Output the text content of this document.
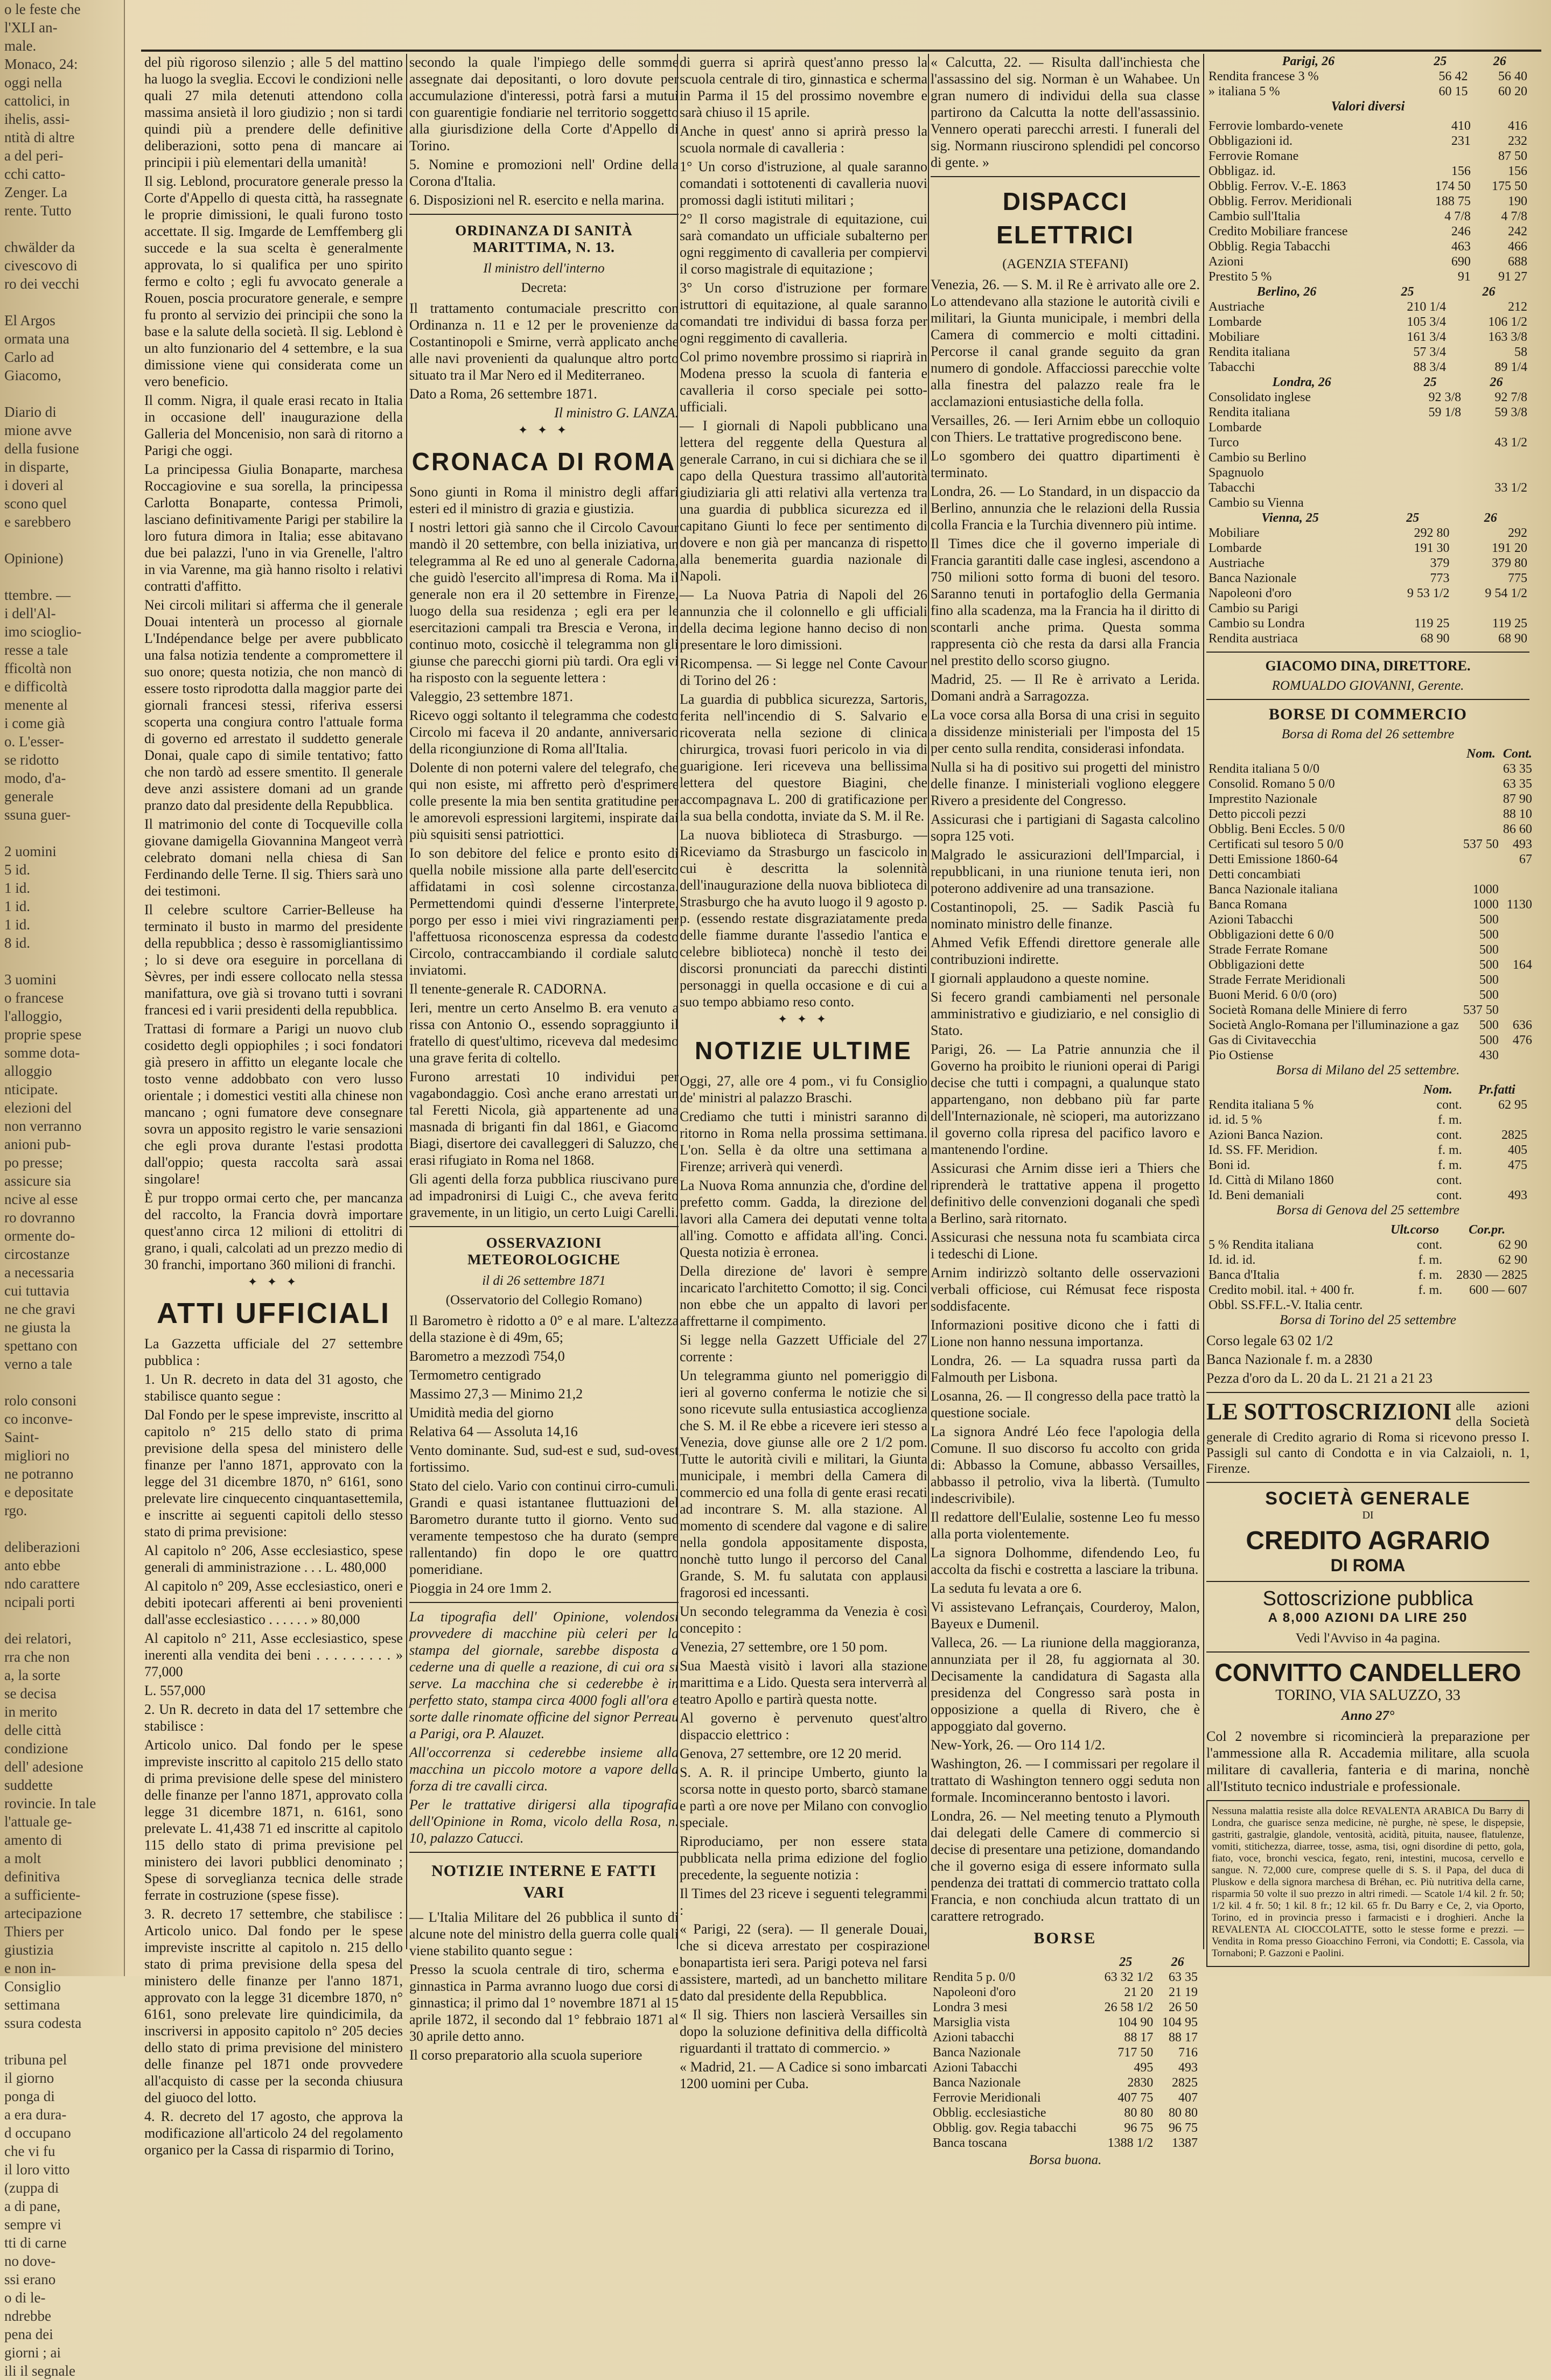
o le feste che

l'XLI an-

male.

Monaco, 24:

oggi nella

cattolici, in

ihelis, assi-

ntità di altre

a del peri-

cchi catto-

Zenger. La

rente. Tutto

chwälder da

civescovo di

ro dei vecchi

El Argos

ormata una

Carlo ad

Giacomo,

Diario di

mione avve

della fusione

in disparte,

i doveri al

scono quel

e sarebbero

Opinione)

ttembre. —

i dell'Al-

imo scioglio-

resse a tale

fficoltà non

e difficoltà

menente al

i come già

o. L'esser-

se ridotto

modo, d'a-

generale

ssuna guer-

2 uomini

5 id.

1 id.

1 id.

1 id.

8 id.

3 uomini

o francese

l'alloggio,

proprie spese

somme dota-

alloggio

nticipate.

elezioni del

non verranno

anioni pub-

po presse;

assicure sia

ncive al esse

ro dovranno

ormente do-

circostanze

a necessaria

cui tuttavia

ne che gravi

ne giusta la

spettano con

verno a tale

rolo consoni

co inconve-

Saint-

migliori no

ne potranno

e depositate

rgo.

deliberazioni

anto ebbe

ndo carattere

ncipali porti

dei relatori,

rra che non

a, la sorte

se decisa

in merito

delle città

condizione

dell' adesione

suddette

rovincie. In tale

l'attuale ge-

amento di

a molt

definitiva

a sufficiente-

artecipazione

Thiers per

giustizia

e non in-

Consiglio

settimana

ssura codesta

tribuna pel

il giorno

ponga di

a era dura-

d occupano

che vi fu

il loro vitto

(zuppa di

a di pane,

sempre vi

tti di carne

no dove-

ssi erano

o di le-

ndrebbe

pena dei

giorni ; ai

ili il segnale

del più rigoroso silenzio ; alle 5 del mattino ha luogo la sveglia. Eccovi le condizioni nelle quali 27 mila detenuti attendono colla massima ansietà il loro giudizio ; non si tardi quindi più a prendere delle definitive deliberazioni, sotto pena di mancare ai principii i più elementari della umanità!

Il sig. Leblond, procuratore generale presso la Corte d'Appello di questa città, ha rassegnate le proprie dimissioni, le quali furono tosto accettate. Il sig. Imgarde de Lemffemberg gli succede e la sua scelta è generalmente approvata, lo si qualifica per uno spirito fermo e colto ; egli fu avvocato generale a Rouen, poscia procuratore generale, e sempre fu pronto al servizio dei principii che sono la base e la salute della società. Il sig. Leblond è un alto funzionario del 4 settembre, e la sua dimissione viene qui considerata come un vero beneficio.

Il comm. Nigra, il quale erasi recato in Italia in occasione dell' inaugurazione della Galleria del Moncenisio, non sarà di ritorno a Parigi che oggi.

La principessa Giulia Bonaparte, marchesa Roccagiovine e sua sorella, la principessa Carlotta Bonaparte, contessa Primoli, lasciano definitivamente Parigi per stabilire la loro futura dimora in Italia; esse abitavano due bei palazzi, l'uno in via Grenelle, l'altro in via Varenne, ma già hanno risolto i relativi contratti d'affitto.

Nei circoli militari si afferma che il generale Douai intenterà un processo al giornale L'Indépendance belge per avere pubblicato una falsa notizia tendente a compromettere il suo onore; questa notizia, che non mancò di essere tosto riprodotta dalla maggior parte dei giornali francesi stessi, riferiva essersi scoperta una congiura contro l'attuale forma di governo ed arrestato il suddetto generale Donai, quale capo di simile tentativo; fatto che non tardò ad essere smentito. Il generale deve anzi assistere domani ad un grande pranzo dato dal presidente della Repubblica.

Il matrimonio del conte di Tocqueville colla giovane damigella Giovannina Mangeot verrà celebrato domani nella chiesa di San Ferdinando delle Terne. Il sig. Thiers sarà uno dei testimoni.

Il celebre scultore Carrier-Belleuse ha terminato il busto in marmo del presidente della repubblica ; desso è rassomigliantissimo ; lo si deve ora eseguire in porcellana di Sèvres, per indi essere collocato nella stessa manifattura, ove già si trovano tutti i sovrani francesi ed i varii presidenti della repubblica.

Trattasi di formare a Parigi un nuovo club cosidetto degli oppiophiles ; i soci fondatori già presero in affitto un elegante locale che tosto venne addobbato con vero lusso orientale ; i domestici vestiti alla chinese non mancano ; ogni fumatore deve consegnare sovra un apposito registro le varie sensazioni che egli prova durante l'estasi prodotta dall'oppio; questa raccolta sarà assai singolare!

È pur troppo ormai certo che, per mancanza del raccolto, la Francia dovrà importare quest'anno circa 12 milioni di ettolitri di grano, i quali, calcolati ad un prezzo medio di 30 franchi, importano 360 milioni di franchi.

✦ ✦ ✦
ATTI UFFICIALI

La Gazzetta ufficiale del 27 settembre pubblica :

1. Un R. decreto in data del 31 agosto, che stabilisce quanto segue :

Dal Fondo per le spese impreviste, inscritto al capitolo n° 215 dello stato di prima previsione della spesa del ministero delle finanze per l'anno 1871, approvato con la legge del 31 dicembre 1870, n° 6161, sono prelevate lire cinquecento cinquantasettemila, e inscritte ai seguenti capitoli dello stesso stato di prima previsione:

Al capitolo n° 206, Asse ecclesiastico, spese generali di amministrazione . . . L. 480,000

Al capitolo n° 209, Asse ecclesiastico, oneri e debiti ipotecari afferenti ai beni provenienti dall'asse ecclesiastico . . . . . . » 80,000

Al capitolo n° 211, Asse ecclesiastico, spese inerenti alla vendita dei beni . . . . . . . . . » 77,000

L. 557,000

2. Un R. decreto in data del 17 settembre che stabilisce :

Articolo unico. Dal fondo per le spese impreviste inscritto al capitolo 215 dello stato di prima previsione delle spese del ministero delle finanze per l'anno 1871, approvato colla legge 31 dicembre 1871, n. 6161, sono prelevate L. 41,438 71 ed inscritte al capitolo 115 dello stato di prima previsione pel ministero dei lavori pubblici denominato ; Spese di sorveglianza tecnica delle strade ferrate in costruzione (spese fisse).

3. R. decreto 17 settembre, che stabilisce : Articolo unico. Dal fondo per le spese impreviste inscritte al capitolo n. 215 dello stato di prima previsione della spesa del ministero delle finanze per l'anno 1871, approvato con la legge 31 dicembre 1870, n° 6161, sono prelevate lire quindicimila, da inscriversi in apposito capitolo n° 205 decies dello stato di prima previsione del ministero delle finanze pel 1871 onde provvedere all'acquisto di casse per la seconda chiusura del giuoco del lotto.

4. R. decreto del 17 agosto, che approva la modificazione all'articolo 24 del regolamento organico per la Cassa di risparmio di Torino,

secondo la quale l'impiego delle somme assegnate dai depositanti, o loro dovute per accumulazione d'interessi, potrà farsi a mutui con guarentigie fondiarie nel territorio soggetto alla giurisdizione della Corte d'Appello di Torino.

5. Nomine e promozioni nell' Ordine della Corona d'Italia.

6. Disposizioni nel R. esercito e nella marina.

ORDINANZA DI SANITÀ MARITTIMA, N. 13.
Il ministro dell'interno
Decreta:

Il trattamento contumaciale prescritto con Ordinanza n. 11 e 12 per le provenienze da Costantinopoli e Smirne, verrà applicato anche alle navi provenienti da qualunque altro porto situato tra il Mar Nero ed il Mediterraneo.

Dato a Roma, 26 settembre 1871.

Il ministro G. LANZA.

✦ ✦ ✦
CRONACA DI ROMA

Sono giunti in Roma il ministro degli affari esteri ed il ministro di grazia e giustizia.

I nostri lettori già sanno che il Circolo Cavour mandò il 20 settembre, con bella iniziativa, un telegramma al Re ed uno al generale Cadorna, che guidò l'esercito all'impresa di Roma. Ma il generale non era il 20 settembre in Firenze, luogo della sua residenza ; egli era per le esercitazioni campali tra Brescia e Verona, in continuo moto, cosicchè il telegramma non gli giunse che parecchi giorni più tardi. Ora egli vi ha risposto con la seguente lettera :

Valeggio, 23 settembre 1871.

Ricevo oggi soltanto il telegramma che codesto Circolo mi faceva il 20 andante, anniversario della ricongiunzione di Roma all'Italia.

Dolente di non poterni valere del telegrafo, che qui non esiste, mi affretto però d'esprimere colle presente la mia ben sentita gratitudine per le amorevoli espressioni largitemi, inspirate dai più squisiti sensi patriottici.

Io son debitore del felice e pronto esito di quella nobile missione alla parte dell'esercito affidatami in così solenne circostanza. Permettendomi quindi d'esserne l'interprete, porgo per esso i miei vivi ringraziamenti per l'affettuosa riconoscenza espressa da codesto Circolo, contraccambiando il cordiale saluto inviatomi.

Il tenente-generale R. CADORNA.

Ieri, mentre un certo Anselmo B. era venuto a rissa con Antonio O., essendo sopraggiunto il fratello di quest'ultimo, riceveva dal medesimo una grave ferita di coltello.

Furono arrestati 10 individui per vagabondaggio. Così anche erano arrestati un tal Feretti Nicola, già appartenente ad una masnada di briganti fin dal 1861, e Giacomo Biagi, disertore dei cavalleggeri di Saluzzo, che erasi rifugiato in Roma nel 1868.

Gli agenti della forza pubblica riuscivano pure ad impadronirsi di Luigi C., che aveva ferito gravemente, in un litigio, un certo Luigi Carelli.

OSSERVAZIONI METEOROLOGICHE
il di 26 settembre 1871
(Osservatorio del Collegio Romano)

Il Barometro è ridotto a 0° e al mare. L'altezza della stazione è di 49m, 65;

Barometro a mezzodì 754,0

Termometro centigrado

Massimo 27,3 — Minimo 21,2

Umidità media del giorno

Relativa 64 — Assoluta 14,16

Vento dominante. Sud, sud-est e sud, sud-ovest fortissimo.

Stato del cielo. Vario con continui cirro-cumuli. Grandi e quasi istantanee fluttuazioni del Barometro durante tutto il giorno. Vento sud veramente tempestoso che ha durato (sempre rallentando) fin dopo le ore quattro pomeridiane.

Pioggia in 24 ore 1mm 2.

La tipografia dell' Opinione, volendosi provvedere di macchine più celeri per la stampa del giornale, sarebbe disposta a cederne una di quelle a reazione, di cui ora si serve. La macchina che si cederebbe è in perfetto stato, stampa circa 4000 fogli all'ora e sorte dalle rinomate officine del signor Perreau a Parigi, ora P. Alauzet.

All'occorrenza si cederebbe insieme alla macchina un piccolo motore a vapore della forza di tre cavalli circa.

Per le trattative dirigersi alla tipografia dell'Opinione in Roma, vicolo della Rosa, n. 10, palazzo Catucci.

NOTIZIE INTERNE E FATTI VARI

— L'Italia Militare del 26 pubblica il sunto di alcune note del ministro della guerra colle quali viene stabilito quanto segue :

Presso la scuola centrale di tiro, scherma e ginnastica in Parma avranno luogo due corsi di ginnastica; il primo dal 1° novembre 1871 al 15 aprile 1872, il secondo dal 1° febbraio 1871 al 30 aprile detto anno.

Il corso preparatorio alla scuola superiore

di guerra si aprirà quest'anno presso la scuola centrale di tiro, ginnastica e scherma in Parma il 15 del prossimo novembre e sarà chiuso il 15 aprile.

Anche in quest' anno si aprirà presso la scuola normale di cavalleria :

1° Un corso d'istruzione, al quale saranno comandati i sottotenenti di cavalleria nuovi promossi dagli istituti militari ;

2° Il corso magistrale di equitazione, cui sarà comandato un ufficiale subalterno per ogni reggimento di cavalleria per compiervi il corso magistrale di equitazione ;

3° Un corso d'istruzione per formare istruttori di equitazione, al quale saranno comandati tre individui di bassa forza per ogni reggimento di cavalleria.

Col primo novembre prossimo si riaprirà in Modena presso la scuola di fanteria e cavalleria il corso speciale pei sotto-ufficiali.

— I giornali di Napoli pubblicano una lettera del reggente della Questura al generale Carrano, in cui si dichiara che se il capo della Questura trassimo all'autorità giudiziaria gli atti relativi alla vertenza tra una guardia di pubblica sicurezza ed il capitano Giunti lo fece per sentimento di dovere e non già per mancanza di rispetto alla benemerita guardia nazionale di Napoli.

— La Nuova Patria di Napoli del 26 annunzia che il colonnello e gli ufficiali della decima legione hanno deciso di non presentare le loro dimissioni.

Ricompensa. — Si legge nel Conte Cavour di Torino del 26 :

La guardia di pubblica sicurezza, Sartoris, ferita nell'incendio di S. Salvario e ricoverata nella sezione di clinica chirurgica, trovasi fuori pericolo in via di guarigione. Ieri riceveva una bellissima lettera del questore Biagini, che accompagnava L. 200 di gratificazione per la sua bella condotta, inviate da S. M. il Re.

La nuova biblioteca di Strasburgo. — Riceviamo da Strasburgo un fascicolo in cui è descritta la solennità dell'inaugurazione della nuova biblioteca di Strasburgo che ha avuto luogo il 9 agosto p. p. (essendo restate disgraziatamente preda delle fiamme durante l'assedio l'antica e celebre biblioteca) nonchè il testo dei discorsi pronunciati da parecchi distinti personaggi in quella occasione e di cui a suo tempo abbiamo reso conto.

✦ ✦ ✦
NOTIZIE ULTIME

Oggi, 27, alle ore 4 pom., vi fu Consiglio de' ministri al palazzo Braschi.

Crediamo che tutti i ministri saranno di ritorno in Roma nella prossima settimana. L'on. Sella è da oltre una settimana a Firenze; arriverà qui venerdì.

La Nuova Roma annunzia che, d'ordine del prefetto comm. Gadda, la direzione del lavori alla Camera dei deputati venne tolta all'ing. Comotto e affidata all'ing. Conci. Questa notizia è erronea.

Della direzione de' lavori è sempre incaricato l'architetto Comotto; il sig. Conci non ebbe che un appalto di lavori per affrettarne il compimento.

Si legge nella Gazzett Ufficiale del 27 corrente :

Un telegramma giunto nel pomeriggio di ieri al governo conferma le notizie che si sono ricevute sulla entusiastica accoglienza che S. M. il Re ebbe a ricevere ieri stesso a Venezia, dove giunse alle ore 2 1/2 pom. Tutte le autorità civili e militari, la Giunta municipale, i membri della Camera di commercio ed una folla di gente erasi recati ad incontrare S. M. alla stazione. Al momento di scendere dal vagone e di salire nella gondola appositamente disposta, nonchè tutto lungo il percorso del Canal Grande, S. M. fu salutata con applausi fragorosi ed incessanti.

Un secondo telegramma da Venezia è così concepito :

Venezia, 27 settembre, ore 1 50 pom.

Sua Maestà visitò i lavori alla stazione marittima e a Lido. Questa sera interverrà al teatro Apollo e partirà questa notte.

Al governo è pervenuto quest'altro dispaccio elettrico :

Genova, 27 settembre, ore 12 20 merid.

S. A. R. il principe Umberto, giunto la scorsa notte in questo porto, sbarcò stamane e partì a ore nove per Milano con convoglio speciale.

Riproduciamo, per non essere stata pubblicata nella prima edizione del foglio precedente, la seguente notizia :

Il Times del 23 riceve i seguenti telegrammi :

« Parigi, 22 (sera). — Il generale Douai, che si diceva arrestato per cospirazione bonapartista ieri sera. Parigi poteva nel farsi assistere, martedì, ad un banchetto militare dato dal presidente della Repubblica.

« Il sig. Thiers non lascierà Versailles sin dopo la soluzione definitiva della difficoltà riguardanti il trattato di commercio. »

« Madrid, 21. — A Cadice si sono imbarcati 1200 uomini per Cuba.

« Calcutta, 22. — Risulta dall'inchiesta che l'assassino del sig. Norman è un Wahabee. Un gran numero di individui della sua classe partirono da Calcutta la notte dell'assassinio. Vennero operati parecchi arresti. I funerali del sig. Normann riuscirono splendidi pel concorso di gente. »

DISPACCI ELETTRICI
(AGENZIA STEFANI)

Venezia, 26. — S. M. il Re è arrivato alle ore 2. Lo attendevano alla stazione le autorità civili e militari, la Giunta municipale, i membri della Camera di commercio e molti cittadini. Percorse il canal grande seguito da gran numero di gondole. Affacciossi parecchie volte alla finestra del palazzo reale fra le acclamazioni entusiastiche della folla.

Versailles, 26. — Ieri Arnim ebbe un colloquio con Thiers. Le trattative progrediscono bene.

Lo sgombero dei quattro dipartimenti è terminato.

Londra, 26. — Lo Standard, in un dispaccio da Berlino, annunzia che le relazioni della Russia colla Francia e la Turchia divennero più intime.

Il Times dice che il governo imperiale di Francia garantiti dalle case inglesi, ascendono a 750 milioni sotto forma di buoni del tesoro. Saranno tenuti in portafoglio della Germania fino alla scadenza, ma la Francia ha il diritto di scontarli anche prima. Questa somma rappresenta ciò che resta da darsi alla Francia nel prestito dello scorso giugno.

Madrid, 25. — Il Re è arrivato a Lerida. Domani andrà a Sarragozza.

La voce corsa alla Borsa di una crisi in seguito a dissidenze ministeriali per l'imposta del 15 per cento sulla rendita, considerasi infondata.

Nulla si ha di positivo sui progetti del ministro delle finanze. I ministeriali vogliono eleggere Rivero a presidente del Congresso.

Assicurasi che i partigiani di Sagasta calcolino sopra 125 voti.

Malgrado le assicurazioni dell'Imparcial, i repubblicani, in una riunione tenuta ieri, non poterono addivenire ad una transazione.

Costantinopoli, 25. — Sadik Pascià fu nominato ministro delle finanze.

Ahmed Vefik Effendi direttore generale alle contribuzioni indirette.

I giornali applaudono a queste nomine.

Si fecero grandi cambiamenti nel personale amministrativo e giudiziario, e nel consiglio di Stato.

Parigi, 26. — La Patrie annunzia che il Governo ha proibito le riunioni operai di Parigi decise che tutti i compagni, a qualunque stato appartengano, non debbano più far parte dell'Internazionale, nè scioperi, ma autorizzano il governo colla ripresa del pacifico lavoro e mantenendo l'ordine.

Assicurasi che Arnim disse ieri a Thiers che riprenderà le trattative appena il progetto definitivo delle convenzioni doganali che spedì a Berlino, sarà ritornato.

Assicurasi che nessuna nota fu scambiata circa i tedeschi di Lione.

Arnim indirizzò soltanto delle osservazioni verbali officiose, cui Rémusat fece risposta soddisfacente.

Informazioni positive dicono che i fatti di Lione non hanno nessuna importanza.

Londra, 26. — La squadra russa partì da Falmouth per Lisbona.

Losanna, 26. — Il congresso della pace trattò la questione sociale.

La signora André Léo fece l'apologia della Comune. Il suo discorso fu accolto con grida di: Abbasso la Comune, abbasso Versailles, abbasso il petrolio, viva la libertà. (Tumulto indescrivibile).

Il redattore dell'Eulalie, sostenne Leo fu messo alla porta violentemente.

La signora Dolhomme, difendendo Leo, fu accolta da fischi e costretta a lasciare la tribuna.

La seduta fu levata a ore 6.

Vi assistevano Lefrançais, Courderoy, Malon, Bayeux e Dumenil.

Valleca, 26. — La riunione della maggioranza, annunziata per il 28, fu aggiornata al 30. Decisamente la candidatura di Sagasta alla presidenza del Congresso sarà posta in opposizione a quella di Rivero, che è appoggiato dal governo.

New-York, 26. — Oro 114 1/2.

Washington, 26. — I commissari per regolare il trattato di Washington tennero oggi seduta non formale. Incominceranno bentosto i lavori.

Londra, 26. — Nel meeting tenuto a Plymouth dai delegati delle Camere di commercio si decise di presentare una petizione, domandando che il governo esiga di essere informato sulla pendenza dei trattati di commercio trattato colla Francia, e non conchiuda alcun trattato di un carattere retrogrado.

BORSE
	25	26
Rendita 5 p. 0/0	63 32 1/2	63 35
Napoleoni d'oro	21 20	21 19
Londra 3 mesi	26 58 1/2	26 50
Marsiglia vista	104 90	104 95
Azioni tabacchi	88 17	88 17
Banca Nazionale	717 50	716
Azioni Tabacchi	495	493
Banca Nazionale	2830	2825
Ferrovie Meridionali	407 75	407
Obblig. ecclesiastiche	80 80	80 80
Obblig. gov. Regia tabacchi	96 75	96 75
Banca toscana	1388 1/2	1387
Borsa buona.
Parigi, 26	25	26
Rendita francese 3 %	56 42	56 40
» italiana 5 %	60 15	60 20
Valori diversi
Ferrovie lombardo-venete	410	416
Obbligazioni id.	231	232
Ferrovie Romane		87 50
Obbligaz. id.	156	156
Obblig. Ferrov. V.-E. 1863	174 50	175 50
Obblig. Ferrov. Meridionali	188 75	190
Cambio sull'Italia	4 7/8	4 7/8
Credito Mobiliare francese	246	242
Obblig. Regia Tabacchi	463	466
Azioni	690	688
Prestito 5 %	91	91 27
Berlino, 26	25	26
Austriache	210 1/4	212
Lombarde	105 3/4	106 1/2
Mobiliare	161 3/4	163 3/8
Rendita italiana	57 3/4	58
Tabacchi	88 3/4	89 1/4
Londra, 26	25	26
Consolidato inglese	92 3/8	92 7/8
Rendita italiana	59 1/8	59 3/8
Lombarde		
Turco		43 1/2
Cambio su Berlino		
Spagnuolo		
Tabacchi		33 1/2
Cambio su Vienna		
Vienna, 25	25	26
Mobiliare	292 80	292
Lombarde	191 30	191 20
Austriache	379	379 80
Banca Nazionale	773	775
Napoleoni d'oro	9 53 1/2	9 54 1/2
Cambio su Parigi		
Cambio su Londra	119 25	119 25
Rendita austriaca	68 90	68 90
GIACOMO DINA, DIRETTORE.
ROMUALDO GIOVANNI, Gerente.
BORSE DI COMMERCIO
Borsa di Roma del 26 settembre
	Nom.	Cont.
Rendita italiana 5 0/0		63 35
Consolid. Romano 5 0/0		63 35
Imprestito Nazionale		87 90
Detto piccoli pezzi		88 10
Obblig. Beni Eccles. 5 0/0		86 60
Certificati sul tesoro 5 0/0	537 50	493
Detti Emissione 1860-64		67
Detti concambiati		
Banca Nazionale italiana	1000	
Banca Romana	1000	1130
Azioni Tabacchi	500	
Obbligazioni dette 6 0/0	500	
Strade Ferrate Romane	500	
Obbligazioni dette	500	164
Strade Ferrate Meridionali	500	
Buoni Merid. 6 0/0 (oro)	500	
Società Romana delle Miniere di ferro	537 50	
Società Anglo-Romana per l'illuminazione a gaz	500	636
Gas di Civitavecchia	500	476
Pio Ostiense	430	
Borsa di Milano del 25 settembre.
	Nom.	Pr.fatti
Rendita italiana 5 %	cont.	62 95
id. id. 5 %	f. m.	
Azioni Banca Nazion.	cont.	2825
Id. SS. FF. Meridion.	f. m.	405
Boni id.	f. m.	475
Id. Città di Milano 1860	cont.	
Id. Beni demaniali	cont.	493
Borsa di Genova del 25 settembre
	Ult.corso	Cor.pr.
5 % Rendita italiana	cont.	62 90
Id. id. id.	f. m.	62 90
Banca d'Italia	f. m.	2830 — 2825
Credito mobil. ital. + 400 fr.	f. m.	600 — 607
Obbl. SS.FF.L.-V. Italia centr.		
Borsa di Torino del 25 settembre

Corso legale 63 02 1/2

Banca Nazionale f. m. a 2830

Pezza d'oro da L. 20 da L. 21 21 a 21 23

LE SOTTOSCRIZIONI alle azioni della Società generale di Credito agrario di Roma si ricevono presso I. Passigli sul canto di Condotta e in via Calzaioli, n. 1, Firenze.

SOCIETÀ GENERALE
DI
CREDITO AGRARIO
DI ROMA
Sottoscrizione pubblica
A 8,000 AZIONI DA LIRE 250
Vedi l'Avviso in 4a pagina.
CONVITTO CANDELLERO
TORINO, VIA SALUZZO, 33
Anno 27°

Col 2 novembre si ricomincierà la preparazione per l'ammessione alla R. Accademia militare, alla scuola militare di cavalleria, fanteria e di marina, nonchè all'Istituto tecnico industriale e professionale.

Nessuna malattia resiste alla dolce REVALENTA ARABICA Du Barry di Londra, che guarisce senza medicine, nè purghe, nè spese, le dispepsie, gastriti, gastralgie, glandole, ventosità, acidità, pituita, nausee, flatulenze, vomiti, stitichezza, diarree, tosse, asma, tisi, ogni disordine di petto, gola, fiato, voce, bronchi vescica, fegato, reni, intestini, mucosa, cervello e sangue. N. 72,000 cure, comprese quelle di S. S. il Papa, del duca di Pluskow e della signora marchesa di Bréhan, ec. Più nutritiva della carne, risparmia 50 volte il suo prezzo in altri rimedi. — Scatole 1/4 kil. 2 fr. 50; 1/2 kil. 4 fr. 50; 1 kil. 8 fr.; 12 kil. 65 fr. Du Barry e Ce, 2, via Oporto, Torino, ed in provincia presso i farmacisti e i droghieri. Anche la REVALENTA AL CIOCCOLATTE, sotto le stesse forme e prezzi. — Vendita in Roma presso Gioacchino Ferroni, via Condotti; E. Cassola, via Tornaboni; P. Gazzoni e Paolini.
